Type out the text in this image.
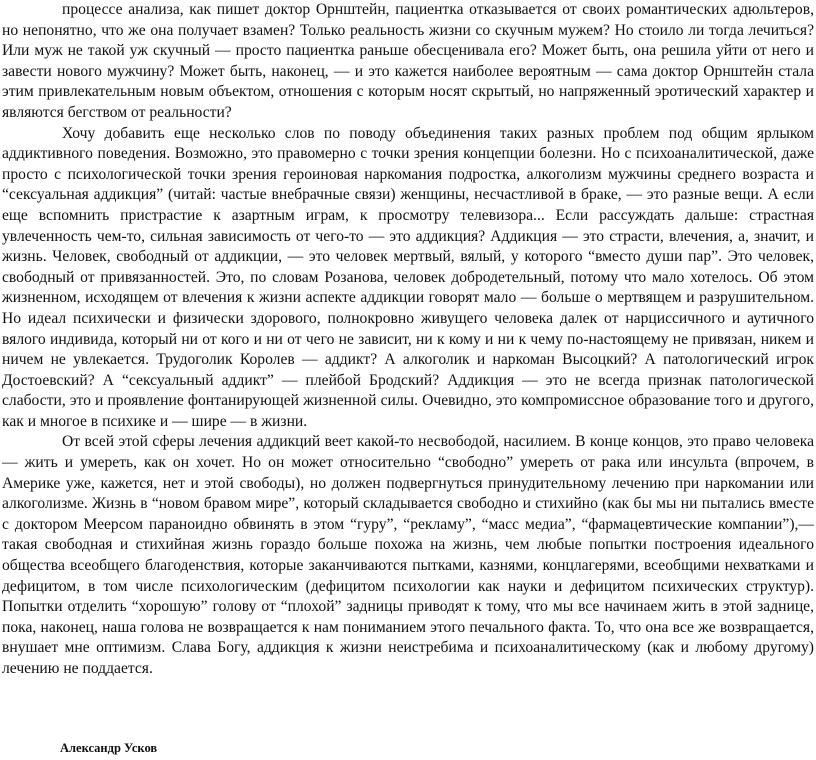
процессе анализа, как пишет доктор Орнштейн, пациентка отказывается от своих романтических адюльтеров, но непонятно, что же она получает взамен? Только реальность жизни со скучным мужем? Но стоило ли тогда лечиться? Или муж не такой уж скучный — просто пациентка раньше обесценивала его? Может быть, она решила уйти от него и завести нового мужчину? Может быть, наконец, — и это кажется наиболее вероятным — сама доктор Орнштейн стала этим привлекательным новым объектом, отношения с которым носят скрытый, но напряженный эротический характер и являются бегством от реальности?

Хочу добавить еще несколько слов по поводу объединения таких разных проблем под общим ярлыком аддиктивного поведения. Возможно, это правомерно с точки зрения концепции болезни. Но с психоаналитической, даже просто с психологической точки зрения героиновая наркомания подростка, алкоголизм мужчины среднего возраста и “сексуальная аддикция” (читай: частые внебрачные связи) женщины, несчастливой в браке, — это разные вещи. А если еще вспомнить пристрастие к азартным играм, к просмотру телевизора... Если рассуждать дальше: страстная увлеченность чем-то, сильная зависимость от чего-то — это аддикция? Аддикция — это страсти, влечения, а, значит, и жизнь. Человек, свободный от аддикции, — это человек мертвый, вялый, у которого “вместо души пар”. Это человек, свободный от привязанностей. Это, по словам Розанова, человек добродетельный, потому что мало хотелось. Об этом жизненном, исходящем от влечения к жизни аспекте аддикции говорят мало — больше о мертвящем и разрушительном. Но идеал психически и физически здорового, полнокровно живущего человека далек от нарциссичного и аутичного вялого индивида, который ни от кого и ни от чего не зависит, ни к кому и ни к чему по-настоящему не привязан, никем и ничем не увлекается. Трудоголик Королев — аддикт? А алкоголик и наркоман Высоцкий? А патологический игрок Достоевский? А “сексуальный аддикт” — плейбой Бродский? Аддикция — это не всегда признак патологической слабости, это и проявление фонтанирующей жизненной силы. Очевидно, это компромиссное образование того и другого, как и многое в психике и — шире — в жизни.

От всей этой сферы лечения аддикций веет какой-то несвободой, насилием. В конце концов, это право человека — жить и умереть, как он хочет. Но он может относительно “свободно” умереть от рака или инсульта (впрочем, в Америке уже, кажется, нет и этой свободы), но должен подвергнуться принудительному лечению при наркомании или алкоголизме. Жизнь в “новом бравом мире”, который складывается свободно и стихийно (как бы мы ни пытались вместе с доктором Меерсом параноидно обвинять в этом “гуру”, “рекламу”, “масс медиа”, “фармацевтические компании”),— такая свободная и стихийная жизнь гораздо больше похожа на жизнь, чем любые попытки построения идеального общества всеобщего благоденствия, которые заканчиваются пытками, казнями, концлагерями, всеобщими нехватками и дефицитом, в том числе психологическим (дефицитом психологии как науки и дефицитом психических структур). Попытки отделить “хорошую” голову от “плохой” задницы приводят к тому, что мы все начинаем жить в этой заднице, пока, наконец, наша голова не возвращается к нам пониманием этого печального факта. То, что она все же возвращается, внушает мне оптимизм. Слава Богу, аддикция к жизни неистребима и психоаналитическому (как и любому другому) лечению не поддается.

Александр Усков
